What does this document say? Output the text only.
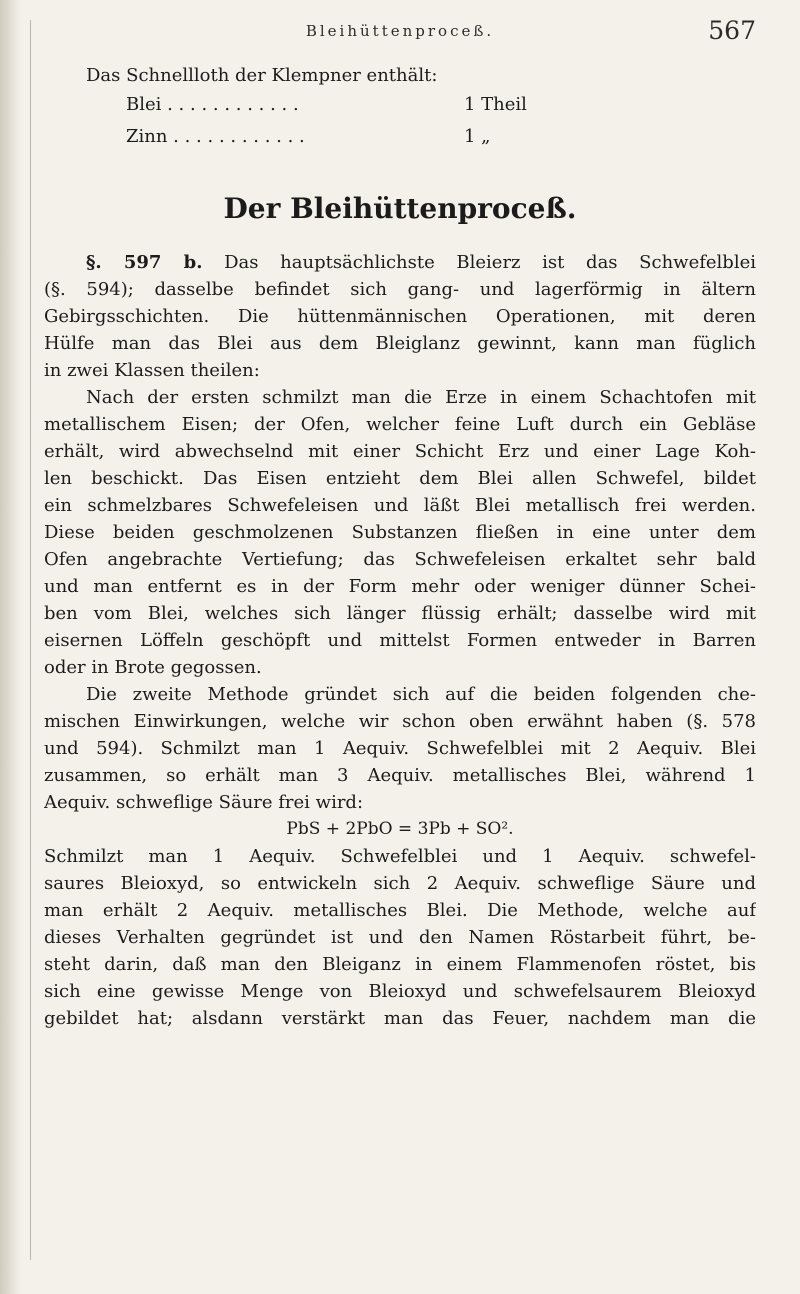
Bleihüttenproceß.	567
Das Schnellloth der Klempner enthält:
Blei . . . . . . . . . . . .	1 Theil
Zinn . . . . . . . . . . . .	1 „
Der Bleihüttenproceß.
§. 597 b. Das hauptsächlichste Bleierz ist das Schwefelblei
(§. 594); dasselbe befindet sich gang- und lagerförmig in ältern
Gebirgsschichten. Die hüttenmännischen Operationen, mit deren
Hülfe man das Blei aus dem Bleiglanz gewinnt, kann man füglich
in zwei Klassen theilen:
Nach der ersten schmilzt man die Erze in einem Schachtofen mit
metallischem Eisen; der Ofen, welcher feine Luft durch ein Gebläse
erhält, wird abwechselnd mit einer Schicht Erz und einer Lage Koh-
len beschickt. Das Eisen entzieht dem Blei allen Schwefel, bildet
ein schmelzbares Schwefeleisen und läßt Blei metallisch frei werden.
Diese beiden geschmolzenen Substanzen fließen in eine unter dem
Ofen angebrachte Vertiefung; das Schwefeleisen erkaltet sehr bald
und man entfernt es in der Form mehr oder weniger dünner Schei-
ben vom Blei, welches sich länger flüssig erhält; dasselbe wird mit
eisernen Löffeln geschöpft und mittelst Formen entweder in Barren
oder in Brote gegossen.
Die zweite Methode gründet sich auf die beiden folgenden che-
mischen Einwirkungen, welche wir schon oben erwähnt haben (§. 578
und 594). Schmilzt man 1 Aequiv. Schwefelblei mit 2 Aequiv. Blei
zusammen, so erhält man 3 Aequiv. metallisches Blei, während 1
Aequiv. schweflige Säure frei wird:
PbS + 2PbO = 3Pb + SO².
Schmilzt man 1 Aequiv. Schwefelblei und 1 Aequiv. schwefel-
saures Bleioxyd, so entwickeln sich 2 Aequiv. schweflige Säure und
man erhält 2 Aequiv. metallisches Blei. Die Methode, welche auf
dieses Verhalten gegründet ist und den Namen Röstarbeit führt, be-
steht darin, daß man den Bleiganz in einem Flammenofen röstet, bis
sich eine gewisse Menge von Bleioxyd und schwefelsaurem Bleioxyd
gebildet hat; alsdann verstärkt man das Feuer, nachdem man die
